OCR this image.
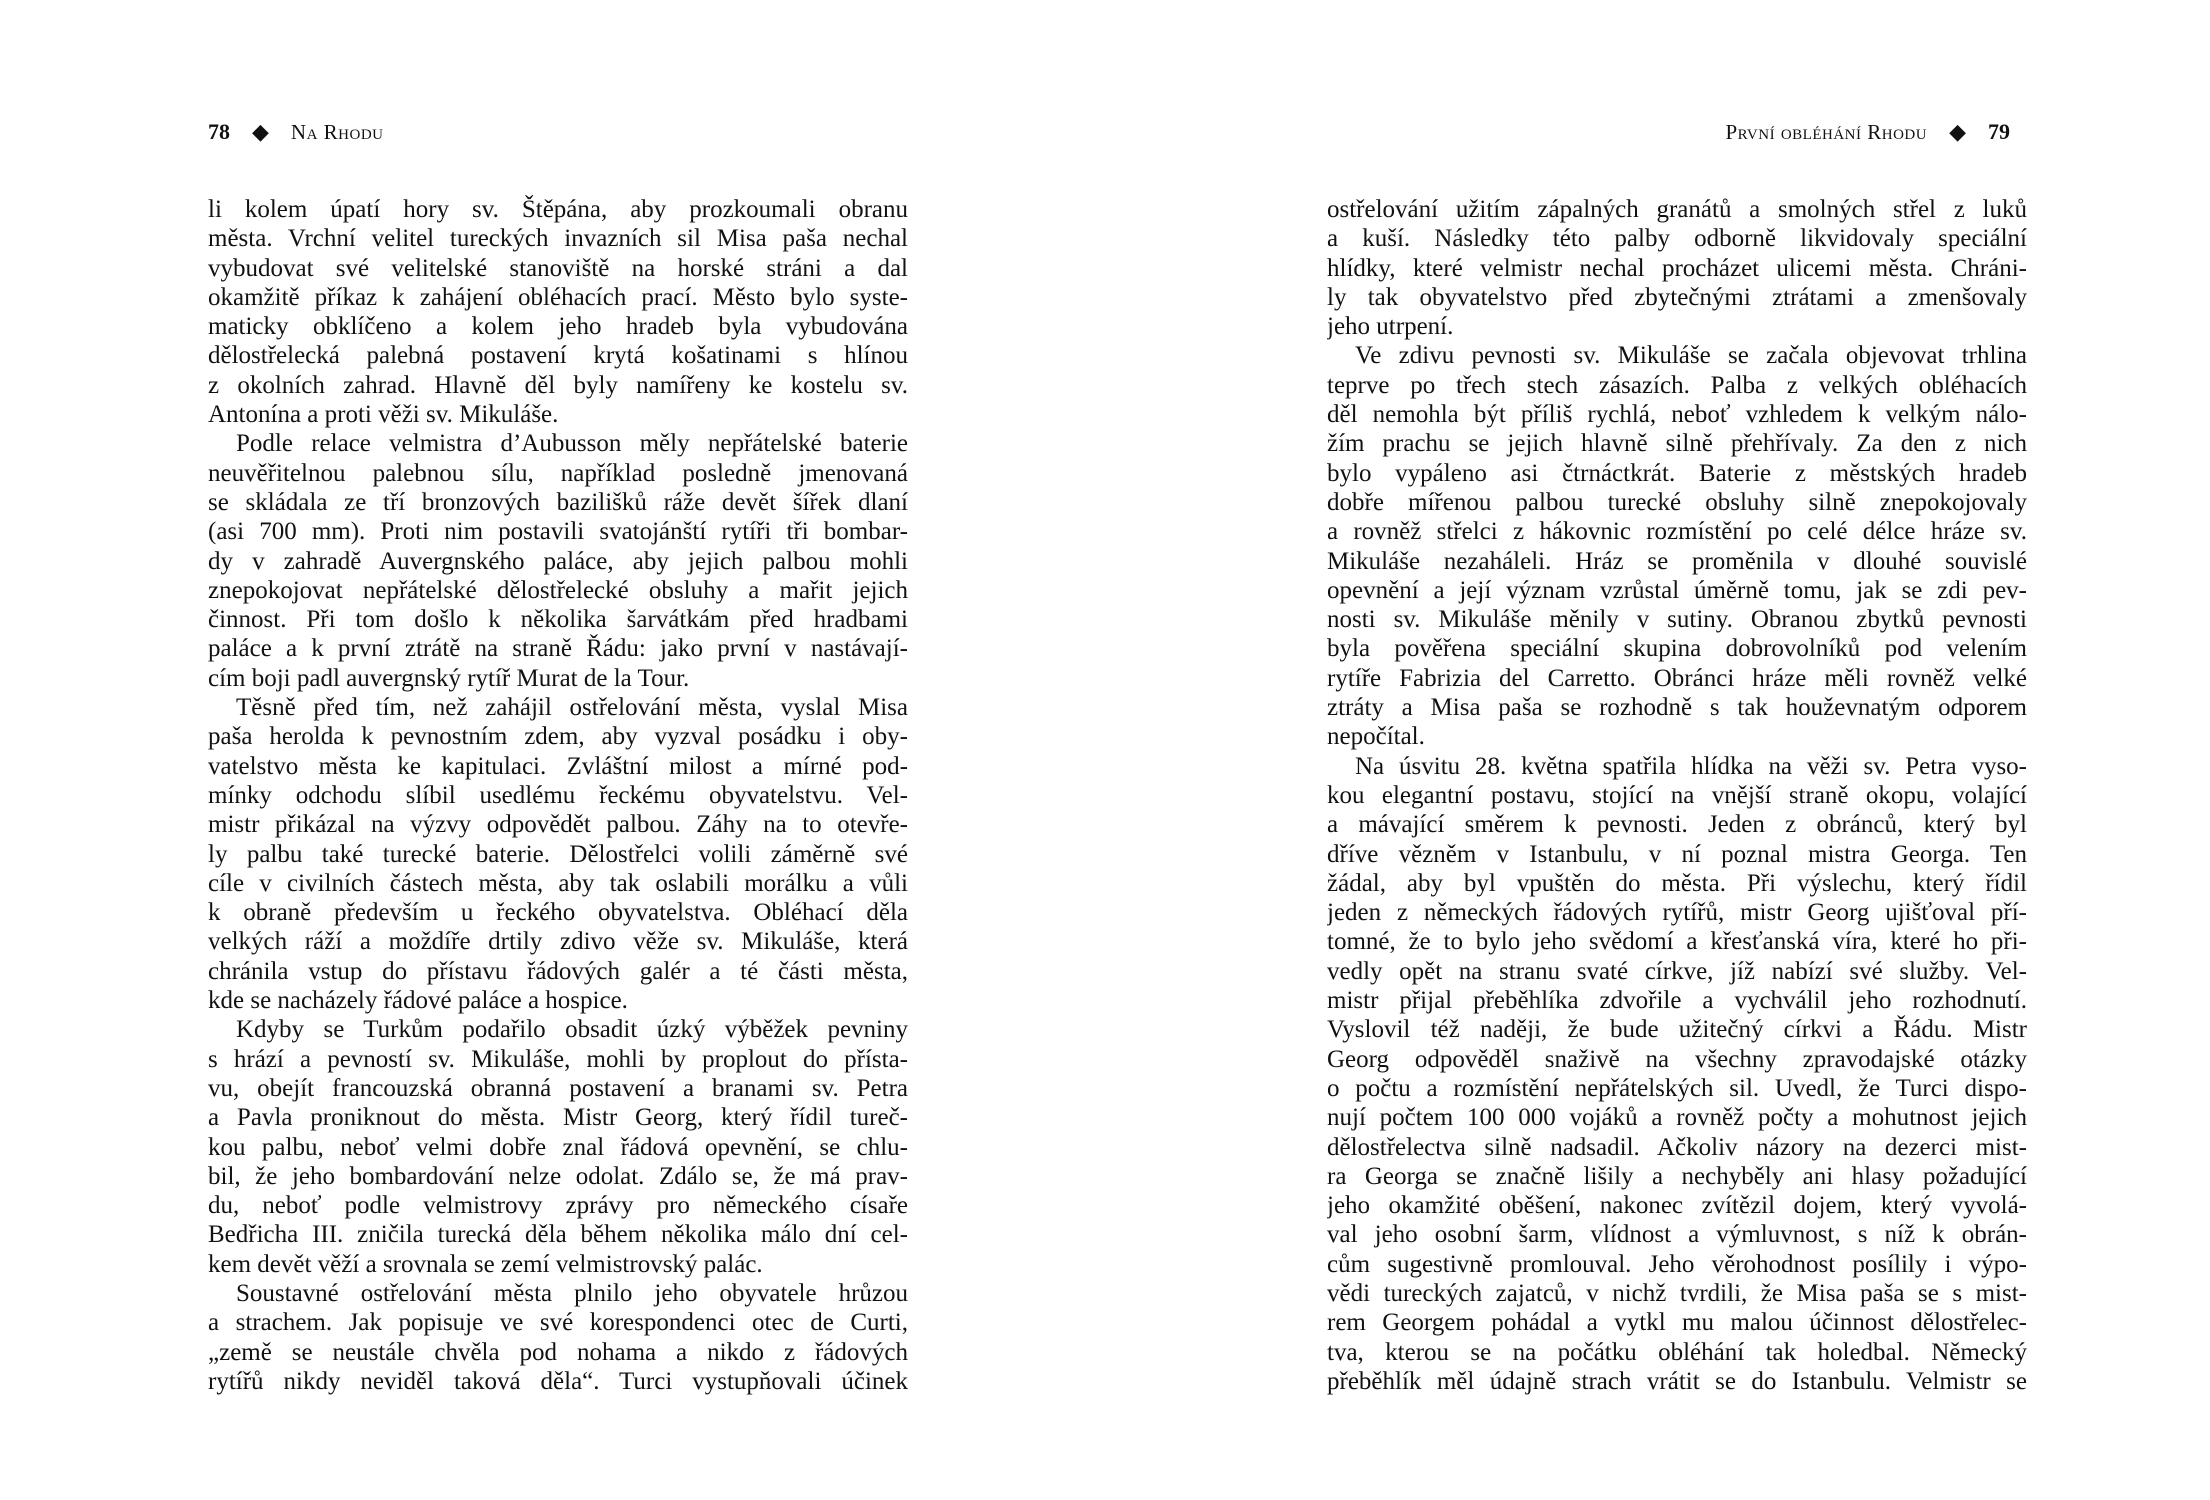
78 ◆ Na Rhodu
li kolem úpatí hory sv. Štěpána, aby prozkoumali obranu
města. Vrchní velitel tureckých invazních sil Misa paša nechal
vybudovat své velitelské stanoviště na horské stráni a dal
okamžitě příkaz k zahájení obléhacích prací. Město bylo syste-
maticky obklíčeno a kolem jeho hradeb byla vybudována
dělostřelecká palebná postavení krytá košatinami s hlínou
z okolních zahrad. Hlavně děl byly namířeny ke kostelu sv.
Antonína a proti věži sv. Mikuláše.
Podle relace velmistra d’Aubusson měly nepřátelské baterie
neuvěřitelnou palebnou sílu, například posledně jmenovaná
se skládala ze tří bronzových bazilišků ráže devět šířek dlaní
(asi 700 mm). Proti nim postavili svatojánští rytíři tři bombar-
dy v zahradě Auvergnského paláce, aby jejich palbou mohli
znepokojovat nepřátelské dělostřelecké obsluhy a mařit jejich
činnost. Při tom došlo k několika šarvátkám před hradbami
paláce a k první ztrátě na straně Řádu: jako první v nastávají-
cím boji padl auvergnský rytíř Murat de la Tour.
Těsně před tím, než zahájil ostřelování města, vyslal Misa
paša herolda k pevnostním zdem, aby vyzval posádku i oby-
vatelstvo města ke kapitulaci. Zvláštní milost a mírné pod-
mínky odchodu slíbil usedlému řeckému obyvatelstvu. Vel-
mistr přikázal na výzvy odpovědět palbou. Záhy na to otevře-
ly palbu také turecké baterie. Dělostřelci volili záměrně své
cíle v civilních částech města, aby tak oslabili morálku a vůli
k obraně především u řeckého obyvatelstva. Obléhací děla
velkých ráží a moždíře drtily zdivo věže sv. Mikuláše, která
chránila vstup do přístavu řádových galér a té části města,
kde se nacházely řádové paláce a hospice.
Kdyby se Turkům podařilo obsadit úzký výběžek pevniny
s hrází a pevností sv. Mikuláše, mohli by proplout do přísta-
vu, obejít francouzská obranná postavení a branami sv. Petra
a Pavla proniknout do města. Mistr Georg, který řídil tureč-
kou palbu, neboť velmi dobře znal řádová opevnění, se chlu-
bil, že jeho bombardování nelze odolat. Zdálo se, že má prav-
du, neboť podle velmistrovy zprávy pro německého císaře
Bedřicha III. zničila turecká děla během několika málo dní cel-
kem devět věží a srovnala se zemí velmistrovský palác.
Soustavné ostřelování města plnilo jeho obyvatele hrůzou
a strachem. Jak popisuje ve své korespondenci otec de Curti,
„země se neustále chvěla pod nohama a nikdo z řádových
rytířů nikdy neviděl taková děla“. Turci vystupňovali účinek
První obléhání Rhodu ◆ 79
ostřelování užitím zápalných granátů a smolných střel z luků
a kuší. Následky této palby odborně likvidovaly speciální
hlídky, které velmistr nechal procházet ulicemi města. Chráni-
ly tak obyvatelstvo před zbytečnými ztrátami a zmenšovaly
jeho utrpení.
Ve zdivu pevnosti sv. Mikuláše se začala objevovat trhlina
teprve po třech stech zásazích. Palba z velkých obléhacích
děl nemohla být příliš rychlá, neboť vzhledem k velkým nálo-
žím prachu se jejich hlavně silně přehřívaly. Za den z nich
bylo vypáleno asi čtrnáctkrát. Baterie z městských hradeb
dobře mířenou palbou turecké obsluhy silně znepokojovaly
a rovněž střelci z hákovnic rozmístění po celé délce hráze sv.
Mikuláše nezaháleli. Hráz se proměnila v dlouhé souvislé
opevnění a její význam vzrůstal úměrně tomu, jak se zdi pev-
nosti sv. Mikuláše měnily v sutiny. Obranou zbytků pevnosti
byla pověřena speciální skupina dobrovolníků pod velením
rytíře Fabrizia del Carretto. Obránci hráze měli rovněž velké
ztráty a Misa paša se rozhodně s tak houževnatým odporem
nepočítal.
Na úsvitu 28. května spatřila hlídka na věži sv. Petra vyso-
kou elegantní postavu, stojící na vnější straně okopu, volající
a mávající směrem k pevnosti. Jeden z obránců, který byl
dříve vězněm v Istanbulu, v ní poznal mistra Georga. Ten
žádal, aby byl vpuštěn do města. Při výslechu, který řídil
jeden z německých řádových rytířů, mistr Georg ujišťoval pří-
tomné, že to bylo jeho svědomí a křesťanská víra, které ho při-
vedly opět na stranu svaté církve, jíž nabízí své služby. Vel-
mistr přijal přeběhlíka zdvořile a vychválil jeho rozhodnutí.
Vyslovil též naději, že bude užitečný církvi a Řádu. Mistr
Georg odpověděl snaživě na všechny zpravodajské otázky
o počtu a rozmístění nepřátelských sil. Uvedl, že Turci dispo-
nují počtem 100 000 vojáků a rovněž počty a mohutnost jejich
dělostřelectva silně nadsadil. Ačkoliv názory na dezerci mist-
ra Georga se značně lišily a nechyběly ani hlasy požadující
jeho okamžité oběšení, nakonec zvítězil dojem, který vyvolá-
val jeho osobní šarm, vlídnost a výmluvnost, s níž k obrán-
cům sugestivně promlouval. Jeho věrohodnost posílily i výpo-
vědi tureckých zajatců, v nichž tvrdili, že Misa paša se s mist-
rem Georgem pohádal a vytkl mu malou účinnost dělostřelec-
tva, kterou se na počátku obléhání tak holedbal. Německý
přeběhlík měl údajně strach vrátit se do Istanbulu. Velmistr se
